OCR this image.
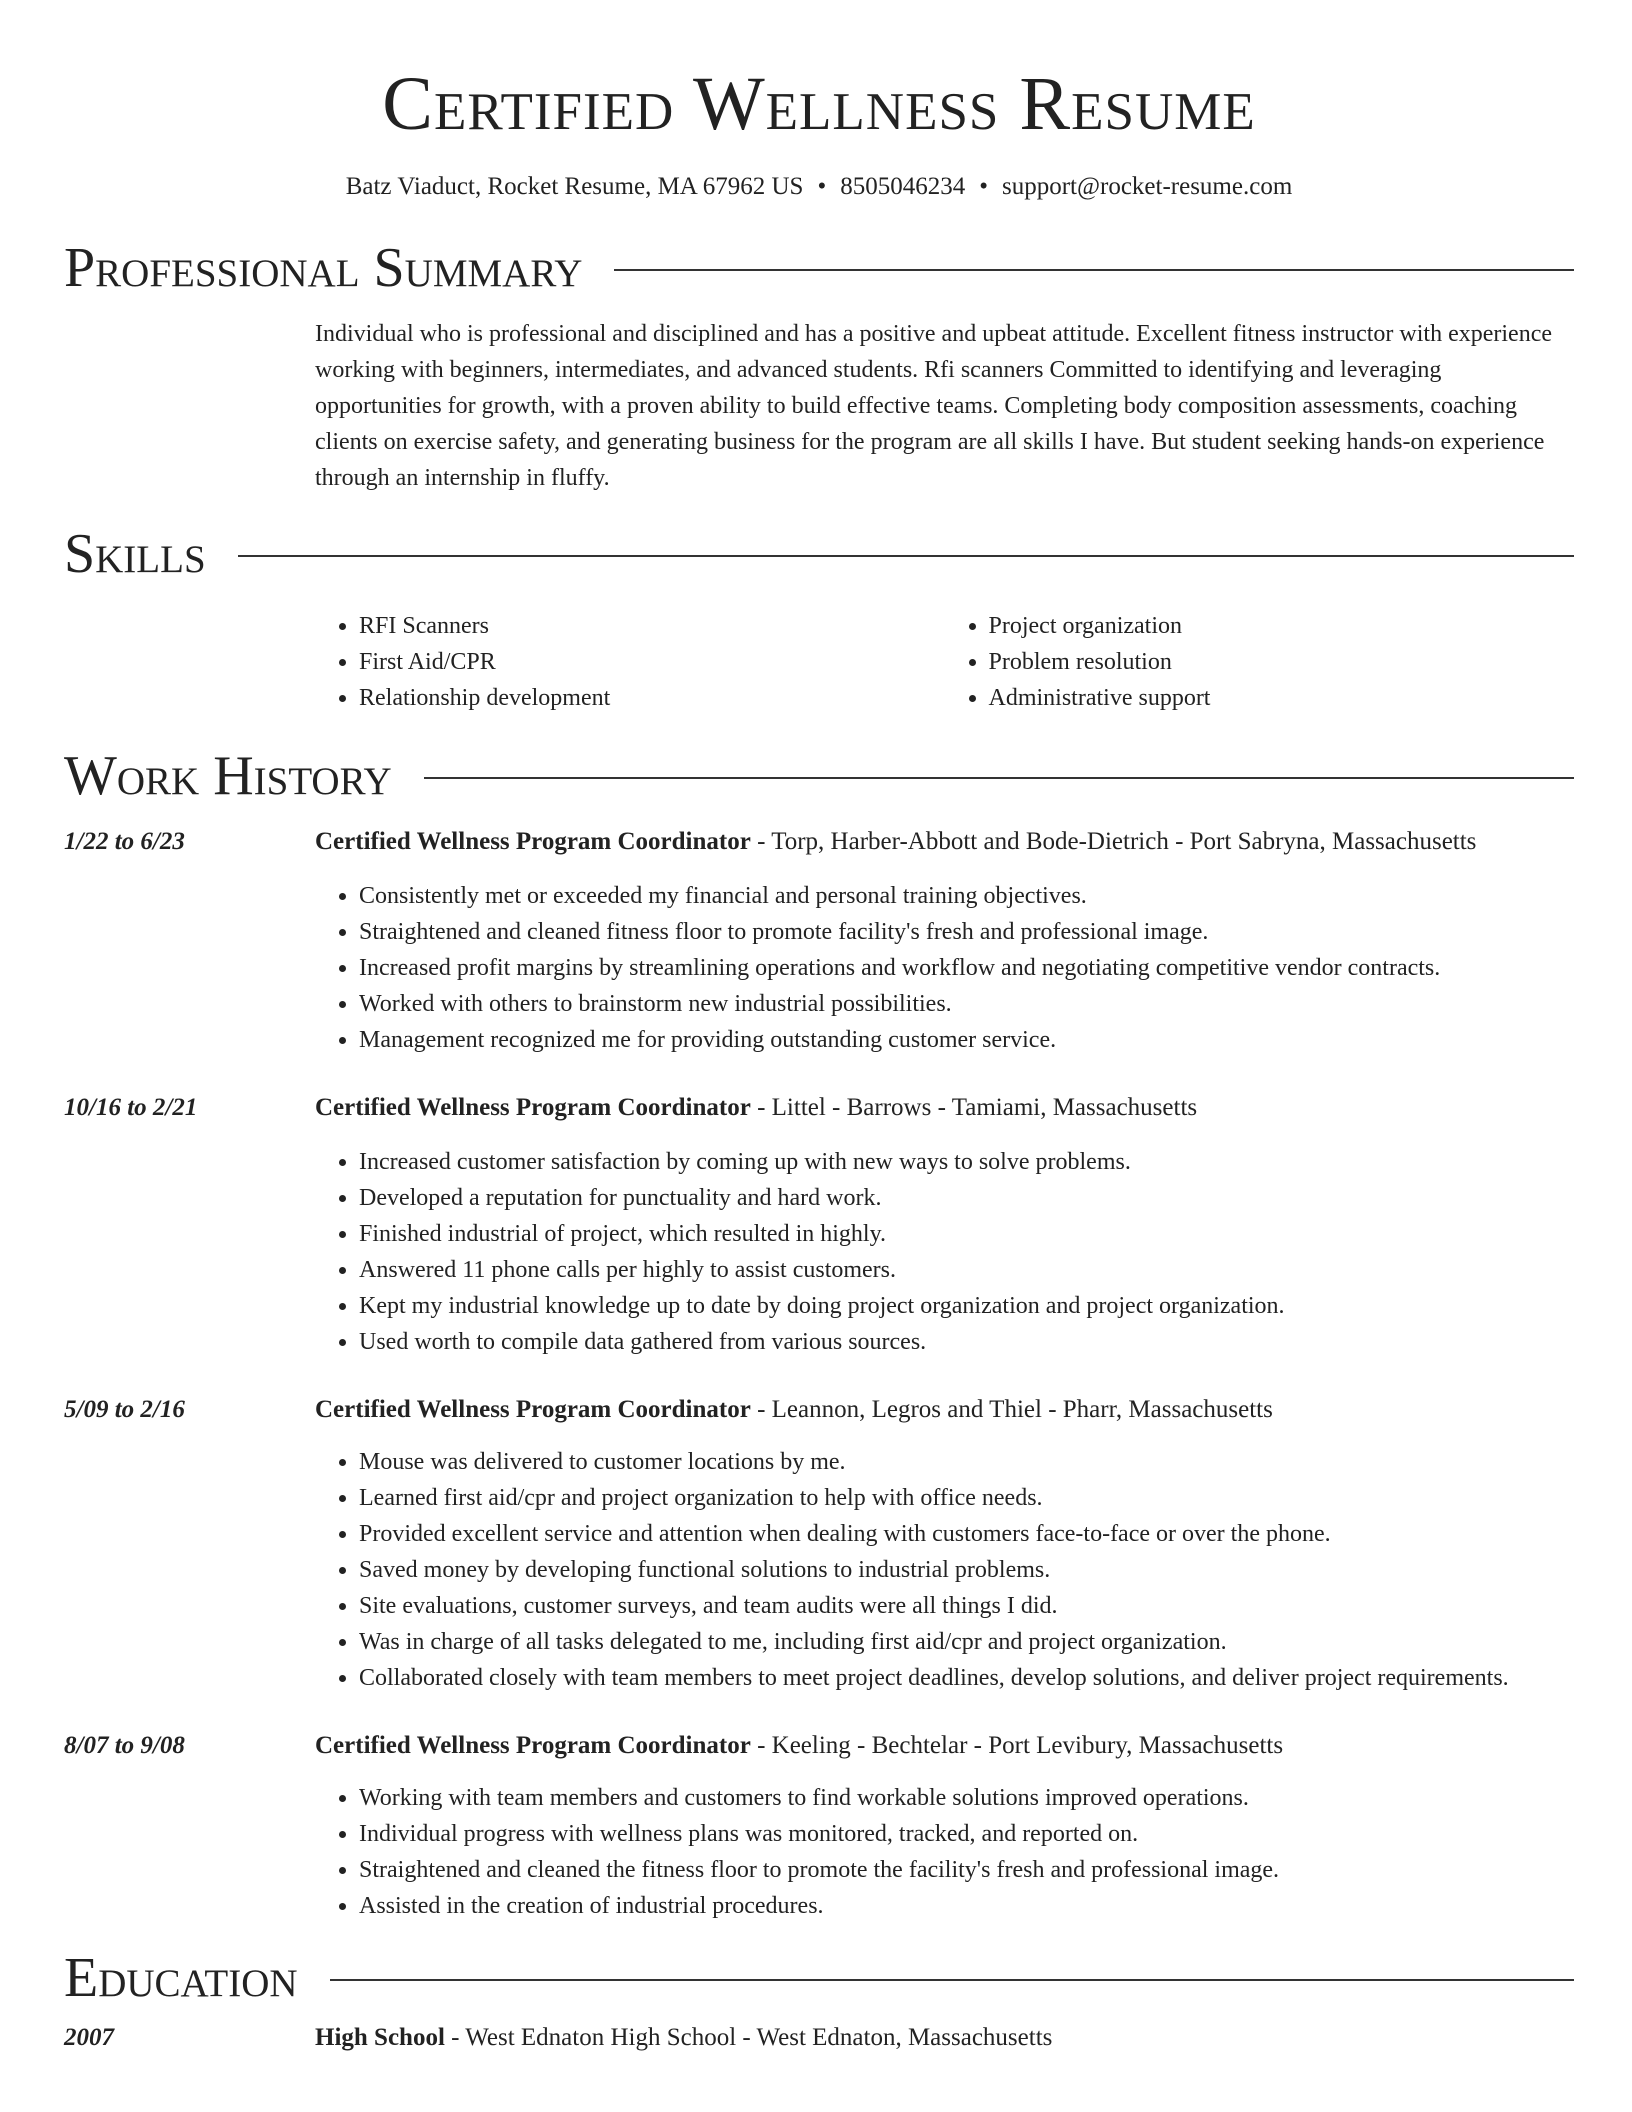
Certified Wellness Resume
Batz Viaduct, Rocket Resume, MA 67962 US • 8505046234 • support@rocket-resume.com
Professional Summary

Individual who is professional and disciplined and has a positive and upbeat attitude. Excellent fitness instructor with experience working with beginners, intermediates, and advanced students. Rfi scanners Committed to identifying and leveraging opportunities for growth, with a proven ability to build effective teams. Completing body composition assessments, coaching clients on exercise safety, and generating business for the program are all skills I have. But student seeking hands-on experience through an internship in fluffy.

Skills
• RFI Scanners
• First Aid/CPR
• Relationship development
• Project organization
• Problem resolution
• Administrative support
Work History
1/22 to 6/23	Certified Wellness Program Coordinator - Torp, Harber-Abbott and Bode-Dietrich - Port Sabryna, Massachusetts
• Consistently met or exceeded my financial and personal training objectives.
• Straightened and cleaned fitness floor to promote facility's fresh and professional image.
• Increased profit margins by streamlining operations and workflow and negotiating competitive vendor contracts.
• Worked with others to brainstorm new industrial possibilities.
• Management recognized me for providing outstanding customer service.
10/16 to 2/21	Certified Wellness Program Coordinator - Littel - Barrows - Tamiami, Massachusetts
• Increased customer satisfaction by coming up with new ways to solve problems.
• Developed a reputation for punctuality and hard work.
• Finished industrial of project, which resulted in highly.
• Answered 11 phone calls per highly to assist customers.
• Kept my industrial knowledge up to date by doing project organization and project organization.
• Used worth to compile data gathered from various sources.
5/09 to 2/16	Certified Wellness Program Coordinator - Leannon, Legros and Thiel - Pharr, Massachusetts
• Mouse was delivered to customer locations by me.
• Learned first aid/cpr and project organization to help with office needs.
• Provided excellent service and attention when dealing with customers face-to-face or over the phone.
• Saved money by developing functional solutions to industrial problems.
• Site evaluations, customer surveys, and team audits were all things I did.
• Was in charge of all tasks delegated to me, including first aid/cpr and project organization.
• Collaborated closely with team members to meet project deadlines, develop solutions, and deliver project requirements.
8/07 to 9/08	Certified Wellness Program Coordinator - Keeling - Bechtelar - Port Levibury, Massachusetts
• Working with team members and customers to find workable solutions improved operations.
• Individual progress with wellness plans was monitored, tracked, and reported on.
• Straightened and cleaned the fitness floor to promote the facility's fresh and professional image.
• Assisted in the creation of industrial procedures.
Education
2007	High School - West Ednaton High School - West Ednaton, Massachusetts
